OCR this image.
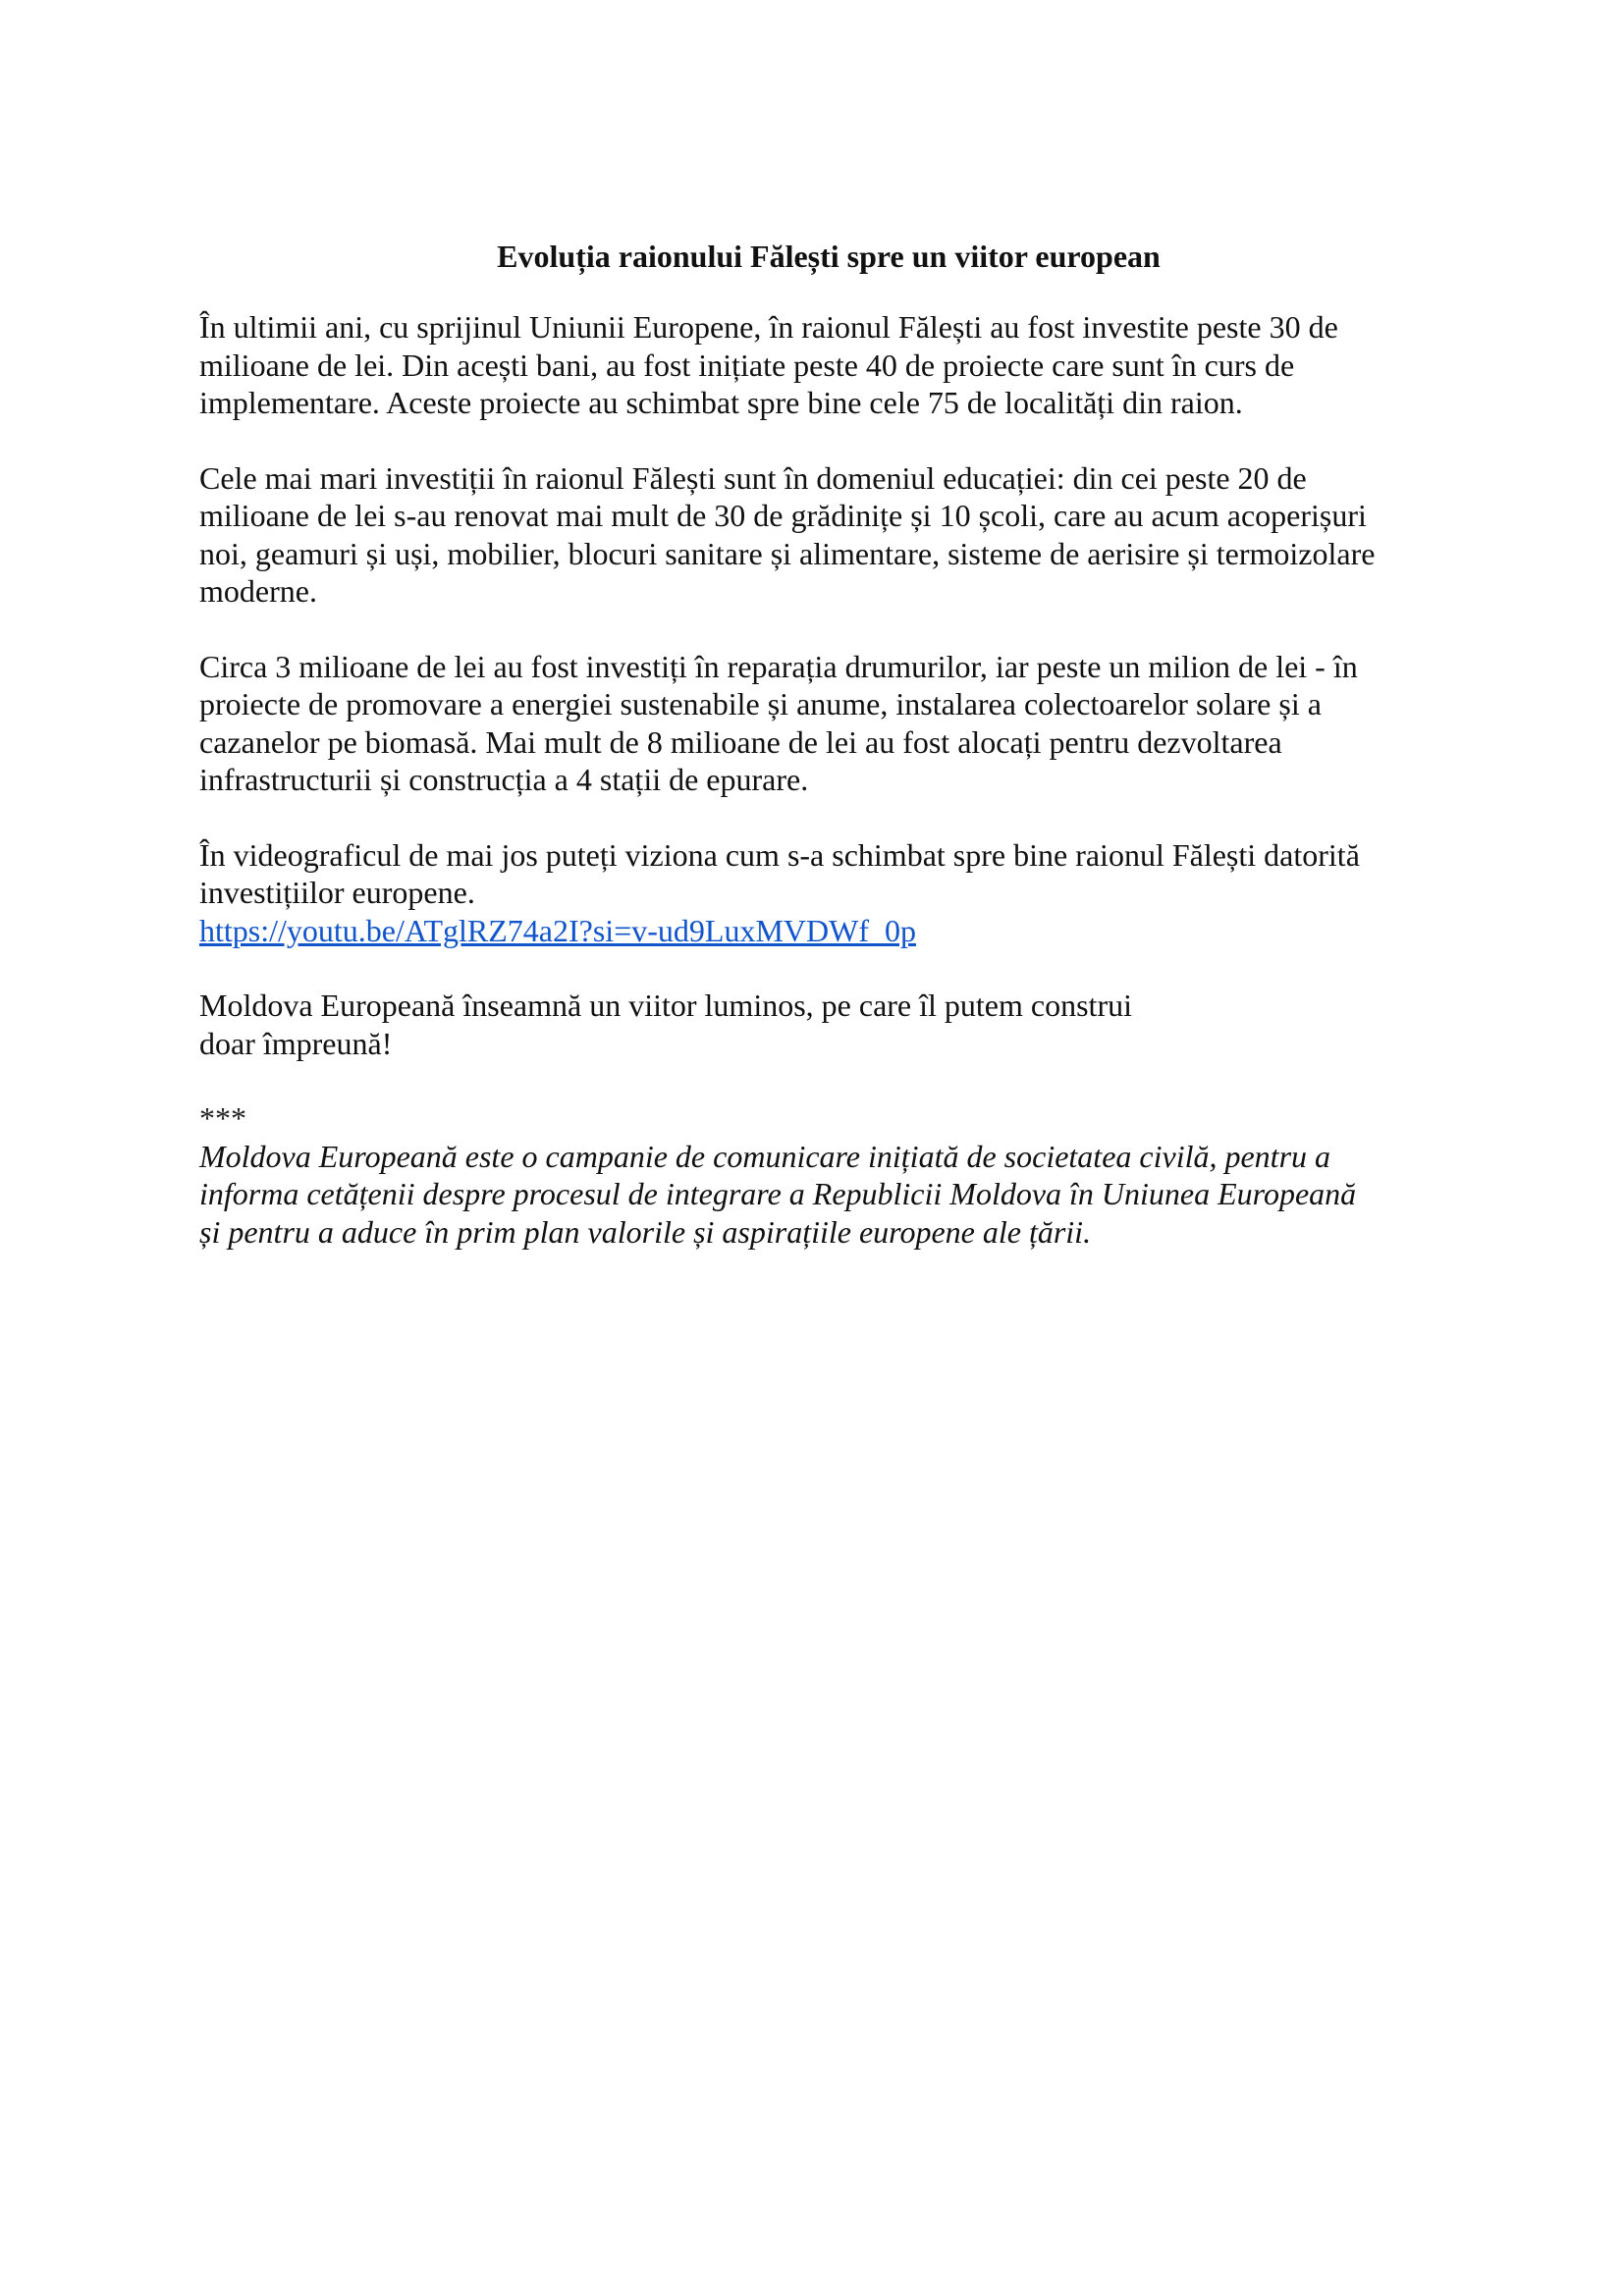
Evoluția raionului Fălești spre un viitor european
În ultimii ani, cu sprijinul Uniunii Europene, în raionul Fălești au fost investite peste 30 de
milioane de lei. Din acești bani, au fost inițiate peste 40 de proiecte care sunt în curs de
implementare. Aceste proiecte au schimbat spre bine cele 75 de localități din raion.
Cele mai mari investiții în raionul Fălești sunt în domeniul educației: din cei peste 20 de
milioane de lei s-au renovat mai mult de 30 de grădinițe și 10 școli, care au acum acoperișuri
noi, geamuri și uși, mobilier, blocuri sanitare și alimentare, sisteme de aerisire și termoizolare
moderne.
Circa 3 milioane de lei au fost investiți în reparația drumurilor, iar peste un milion de lei - în
proiecte de promovare a energiei sustenabile și anume, instalarea colectoarelor solare și a
cazanelor pe biomasă. Mai mult de 8 milioane de lei au fost alocați pentru dezvoltarea
infrastructurii și construcția a 4 stații de epurare.
În videograficul de mai jos puteți viziona cum s-a schimbat spre bine raionul Fălești datorită
investițiilor europene.
https://youtu.be/ATglRZ74a2I?si=v-ud9LuxMVDWf_0p
Moldova Europeană înseamnă un viitor luminos, pe care îl putem construi
doar împreună!
***
Moldova Europeană este o campanie de comunicare inițiată de societatea civilă, pentru a
informa cetățenii despre procesul de integrare a Republicii Moldova în Uniunea Europeană
și pentru a aduce în prim plan valorile și aspirațiile europene ale țării.
